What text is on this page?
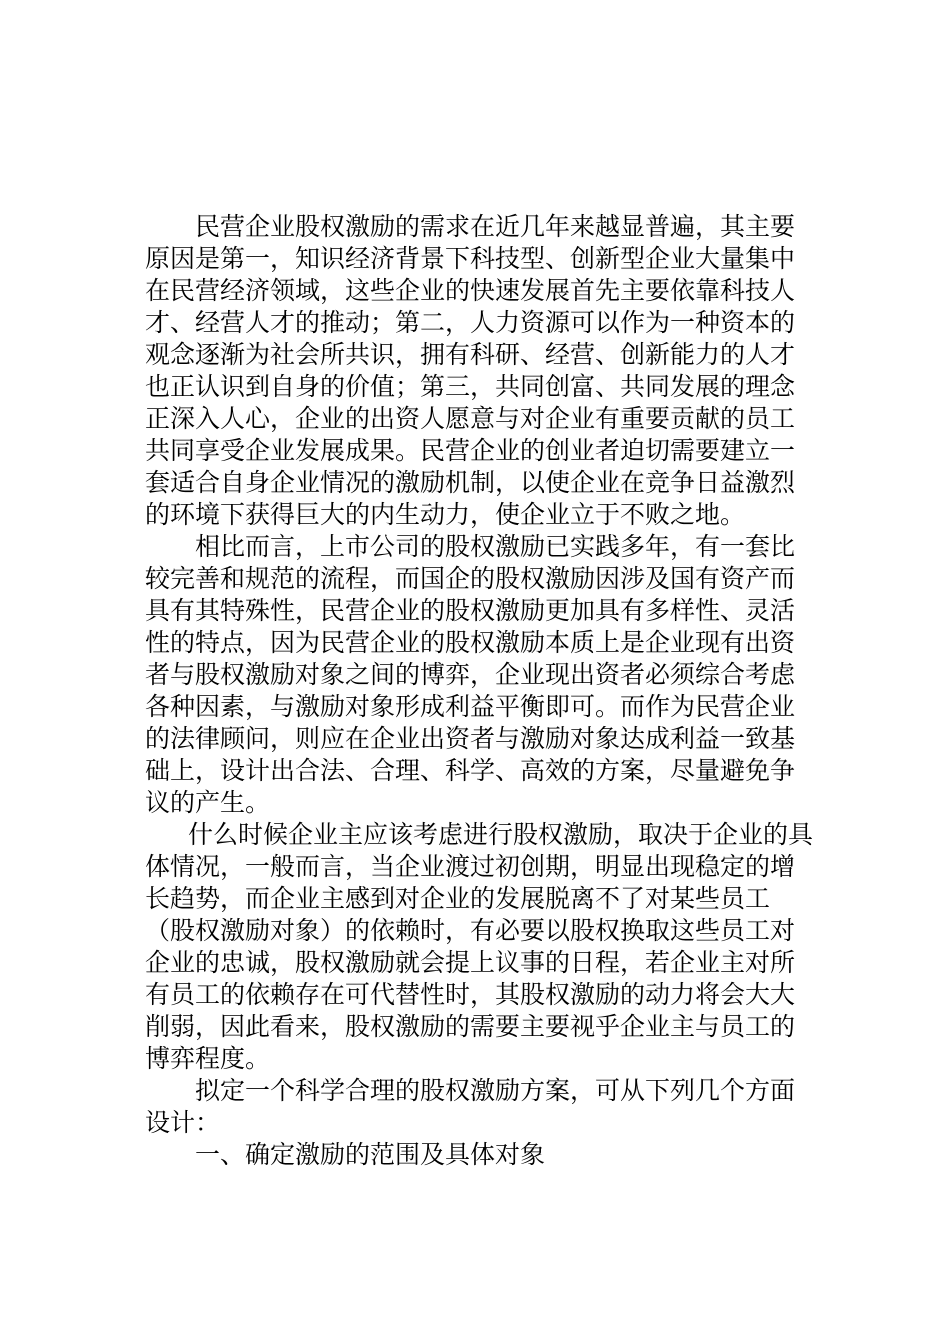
民营企业股权激励的需求在近几年来越显普遍，其主要
原因是第一，知识经济背景下科技型、创新型企业大量集中
在民营经济领域，这些企业的快速发展首先主要依靠科技人
才、经营人才的推动；第二，人力资源可以作为一种资本的
观念逐渐为社会所共识，拥有科研、经营、创新能力的人才
也正认识到自身的价值；第三，共同创富、共同发展的理念
正深入人心，企业的出资人愿意与对企业有重要贡献的员工
共同享受企业发展成果。民营企业的创业者迫切需要建立一
套适合自身企业情况的激励机制，以使企业在竞争日益激烈
的环境下获得巨大的内生动力，使企业立于不败之地。
相比而言，上市公司的股权激励已实践多年，有一套比
较完善和规范的流程，而国企的股权激励因涉及国有资产而
具有其特殊性，民营企业的股权激励更加具有多样性、灵活
性的特点，因为民营企业的股权激励本质上是企业现有出资
者与股权激励对象之间的博弈，企业现出资者必须综合考虑
各种因素，与激励对象形成利益平衡即可。而作为民营企业
的法律顾问，则应在企业出资者与激励对象达成利益一致基
础上，设计出合法、合理、科学、高效的方案，尽量避免争
议的产生。
什么时候企业主应该考虑进行股权激励，取决于企业的具
体情况，一般而言，当企业渡过初创期，明显出现稳定的增
长趋势，而企业主感到对企业的发展脱离不了对某些员工
（股权激励对象）的依赖时，有必要以股权换取这些员工对
企业的忠诚，股权激励就会提上议事的日程，若企业主对所
有员工的依赖存在可代替性时，其股权激励的动力将会大大
削弱，因此看来，股权激励的需要主要视乎企业主与员工的
博弈程度。
拟定一个科学合理的股权激励方案，可从下列几个方面
设计：
一、确定激励的范围及具体对象
